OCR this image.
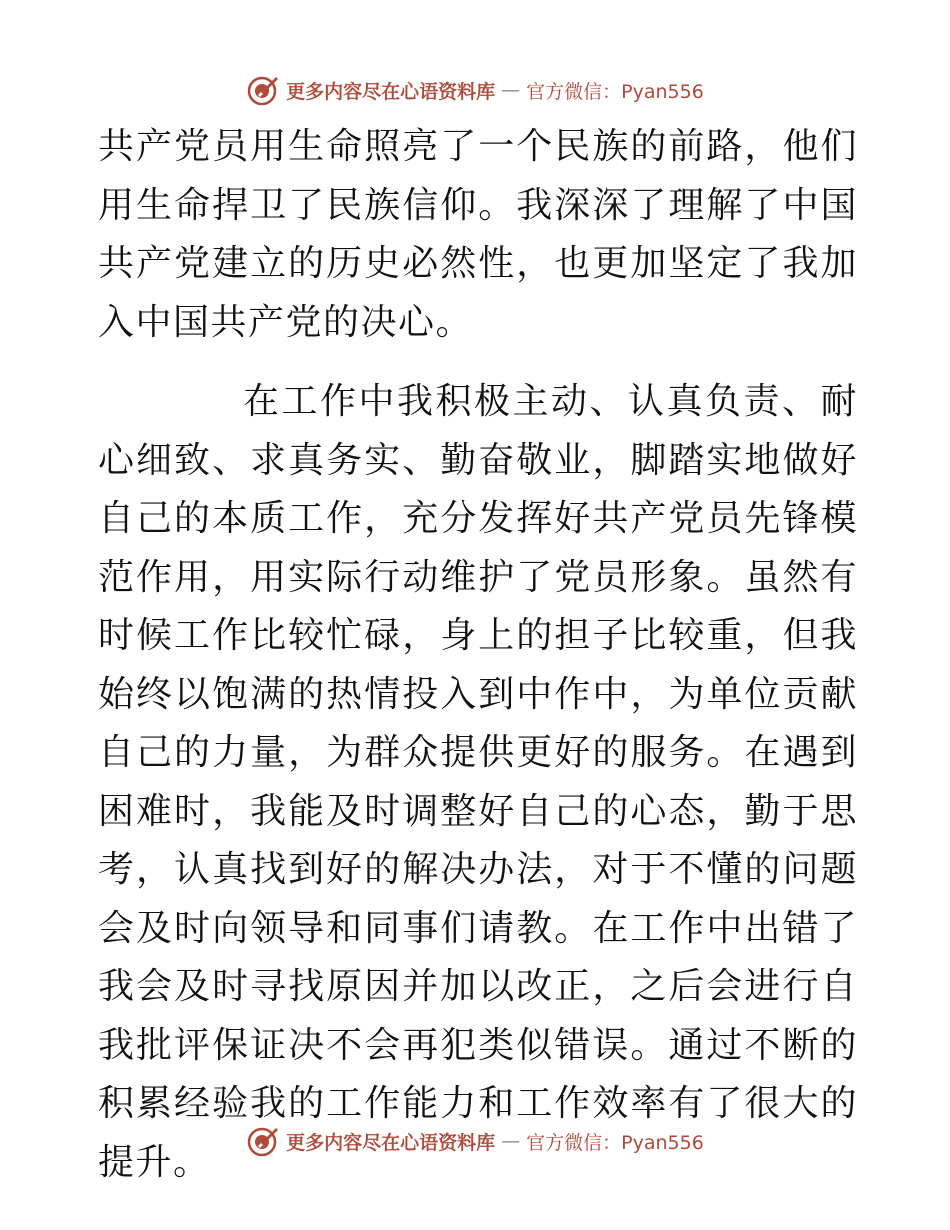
更多内容尽在心语资料库 — 官方微信：Pyan556

共产党员用生命照亮了一个民族的前路，他们用生命捍卫了民族信仰。我深深了理解了中国共产党建立的历史必然性，也更加坚定了我加入中国共产党的决心。

在工作中我积极主动、认真负责、耐心细致、求真务实、勤奋敬业，脚踏实地做好自己的本质工作，充分发挥好共产党员先锋模范作用，用实际行动维护了党员形象。虽然有时候工作比较忙碌，身上的担子比较重，但我始终以饱满的热情投入到中作中，为单位贡献自己的力量，为群众提供更好的服务。在遇到困难时，我能及时调整好自己的心态，勤于思考，认真找到好的解决办法，对于不懂的问题会及时向领导和同事们请教。在工作中出错了我会及时寻找原因并加以改正，之后会进行自我批评保证决不会再犯类似错误。通过不断的积累经验我的工作能力和工作效率有了很大的提升。	更多内容尽在心语资料库 — 官方微信：Pyan556
